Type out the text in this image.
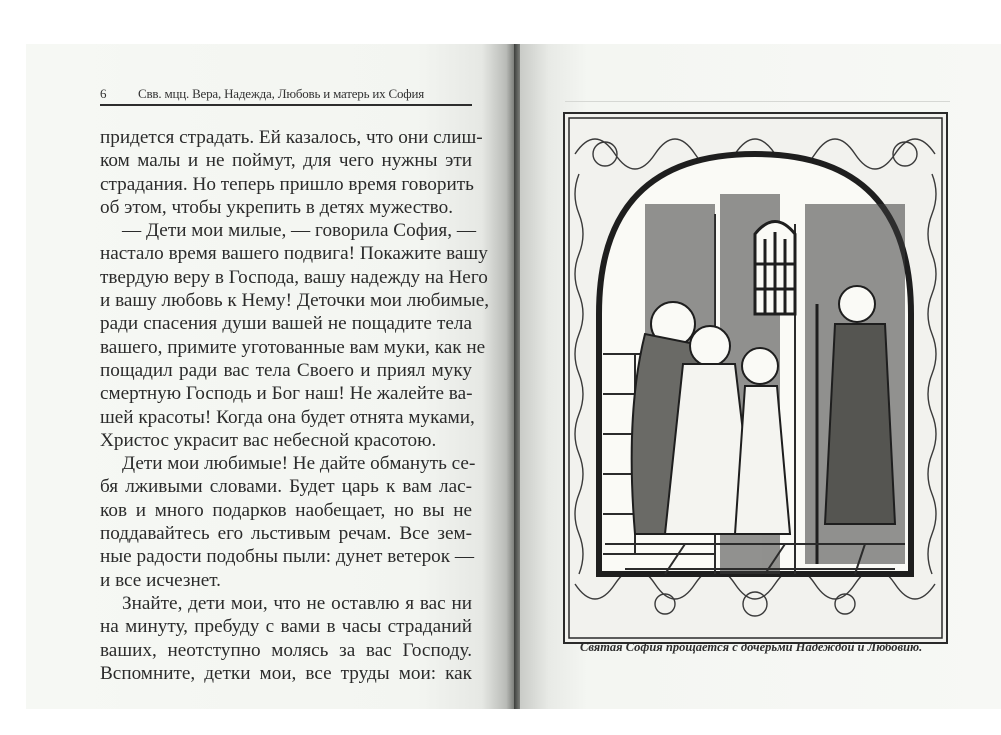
6	Свв. мцц. Вера, Надежда, Любовь и матерь их София
придется страдать. Ей казалось, что они слиш-
ком малы и не поймут, для чего нужны эти
страдания. Но теперь пришло время говорить
об этом, чтобы укрепить в детях мужество.
— Дети мои милые, — говорила София, —
настало время вашего подвига! Покажите вашу
твердую веру в Господа, вашу надежду на Него
и вашу любовь к Нему! Деточки мои любимые,
ради спасения души вашей не пощадите тела
вашего, примите уготованные вам муки, как не
пощадил ради вас тела Своего и приял муку
смертную Господь и Бог наш! Не жалейте ва-
шей красоты! Когда она будет отнята муками,
Христос украсит вас небесной красотою.
Дети мои любимые! Не дайте обмануть се-
бя лживыми словами. Будет царь к вам лас-
ков и много подарков наобещает, но вы не
поддавайтесь его льстивым речам. Все зем-
ные радости подобны пыли: дунет ветерок —
и все исчезнет.
Знайте, дети мои, что не оставлю я вас ни
на минуту, пребуду с вами в часы страданий
ваших, неотступно молясь за вас Господу.
Вспомните, детки мои, все труды мои: как
Святая София прощается с дочерьми Надеждой и Любовию.
